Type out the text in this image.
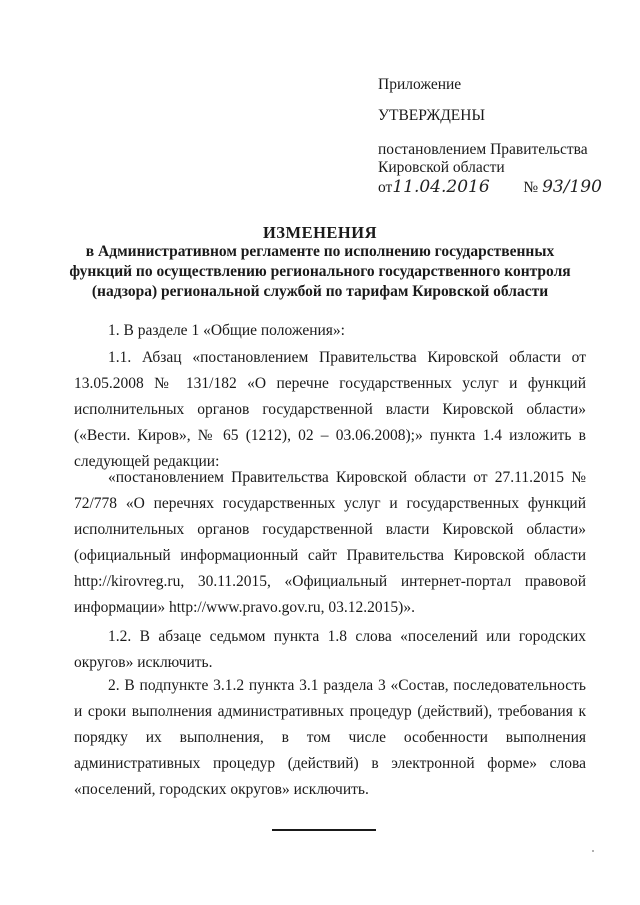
Приложение
УТВЕРЖДЕНЫ
постановлением Правительства
Кировской области
от11.04.2016 № 93/190
ИЗМЕНЕНИЯ
в Административном регламенте по исполнению государственных
функций по осуществлению регионального государственного контроля
(надзора) региональной службой по тарифам Кировской области
1. В разделе 1 «Общие положения»:
1.1. Абзац «постановлением Правительства Кировской области от 13.05.2008 № 131/182 «О перечне государственных услуг и функций исполнительных органов государственной власти Кировской области» («Вести. Киров», № 65 (1212), 02 – 03.06.2008);» пункта 1.4 изложить в следующей редакции:
«постановлением Правительства Кировской области от 27.11.2015 № 72/778 «О перечнях государственных услуг и государственных функций исполнительных органов государственной власти Кировской области» (официальный информационный сайт Правительства Кировской области http://kirovreg.ru, 30.11.2015, «Официальный интернет-портал правовой информации» http://www.pravo.gov.ru, 03.12.2015)».
1.2. В абзаце седьмом пункта 1.8 слова «поселений или городских округов» исключить.
2. В подпункте 3.1.2 пункта 3.1 раздела 3 «Состав, последовательность и сроки выполнения административных процедур (действий), требования к порядку их выполнения, в том числе особенности выполнения административных процедур (действий) в электронной форме» слова «поселений, городских округов» исключить.
